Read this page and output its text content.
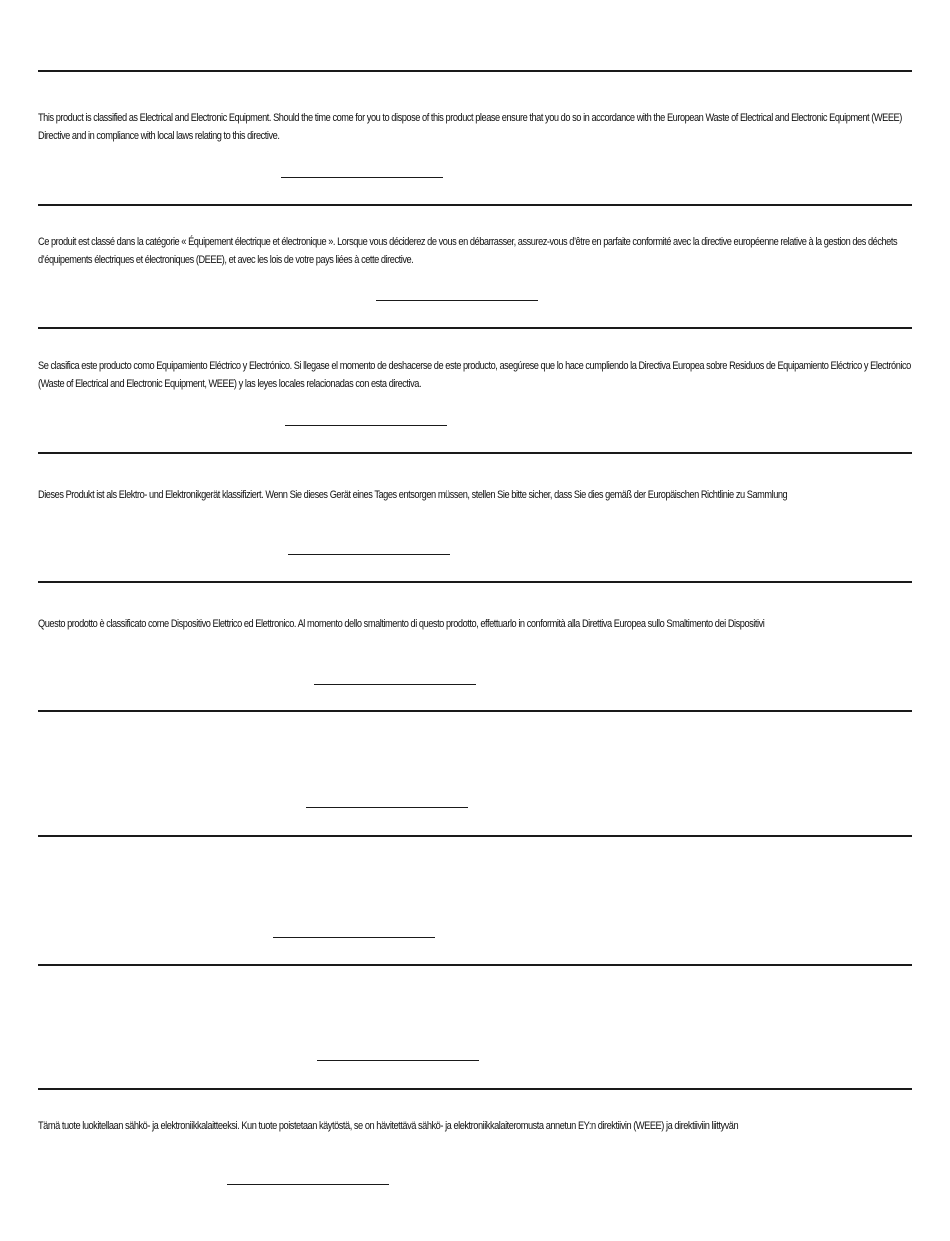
This product is classified as Electrical and Electronic Equipment. Should the time come for you to dispose of this product please ensure that you do so in accordance with the European Waste of Electrical and Electronic Equipment (WEEE) Directive and in compliance with local laws relating to this directive.

Ce produit est classé dans la catégorie « Équipement électrique et électronique ». Lorsque vous déciderez de vous en débarrasser, assurez-vous d’être en parfaite conformité avec la directive européenne relative à la gestion des déchets d’équipements électriques et électroniques (DEEE), et avec les lois de votre pays liées à cette directive.

Se clasifica este producto como Equipamiento Eléctrico y Electrónico. Si llegase el momento de deshacerse de este producto, asegúrese que lo hace cumpliendo la Directiva Europea sobre Residuos de Equipamiento Eléctrico y Electrónico (Waste of Electrical and Electronic Equipment, WEEE) y las leyes locales relacionadas con esta directiva.

Dieses Produkt ist als Elektro- und Elektronikgerät klassifiziert. Wenn Sie dieses Gerät eines Tages entsorgen müssen, stellen Sie bitte sicher, dass Sie dies gemäß der Europäischen Richtlinie zu Sammlung

Questo prodotto è classificato come Dispositivo Elettrico ed Elettronico. Al momento dello smaltimento di questo prodotto, effettuarlo in conformità alla Direttiva Europea sullo Smaltimento dei Dispositivi

Tämä tuote luokitellaan sähkö- ja elektroniikkalaitteeksi. Kun tuote poistetaan käytöstä, se on hävitettävä sähkö- ja elektroniikkalaiteromusta annetun EY:n direktiivin (WEEE) ja direktiiviin liittyvän
